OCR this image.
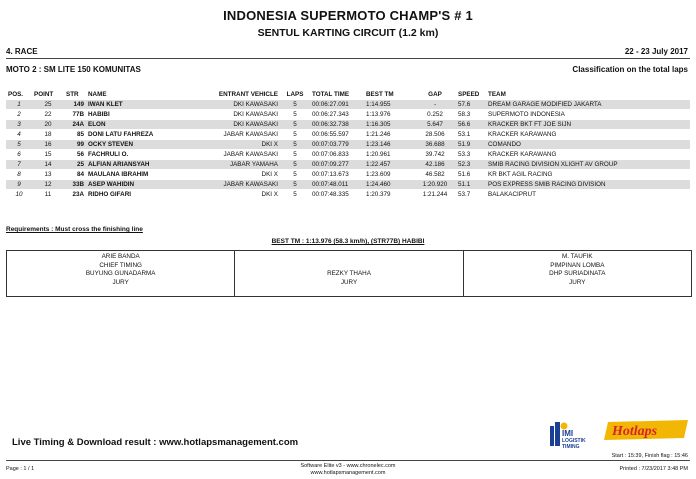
INDONESIA SUPERMOTO CHAMP'S # 1
SENTUL KARTING CIRCUIT (1.2 km)
4. RACE	22 - 23 July 2017
MOTO 2 : SM LITE 150 KOMUNITAS	Classification on the total laps
POS.	POINT	STR	NAME	ENTRANT VEHICLE	LAPS	TOTAL TIME	BEST TM	GAP	SPEED	TEAM
1	25	149	IWAN KLET	DKI KAWASAKI	5	00:06:27.091	1:14.955	-	57.6	DREAM GARAGE MODIFIED JAKARTA
2	22	77B	HABIBI	DKI KAWASAKI	5	00:06:27.343	1:13.976	0.252	58.3	SUPERMOTO INDONESIA
3	20	24A	ELON	DKI KAWASAKI	5	00:06:32.738	1:16.305	5.647	56.6	KRACKER BKT FT JOE SIJN
4	18	85	DONI LATU FAHREZA	JABAR KAWASAKI	5	00:06:55.597	1:21.246	28.506	53.1	KRACKER KARAWANG
5	16	99	OCKY STEVEN	DKI X	5	00:07:03.779	1:23.146	36.688	51.9	COMANDO
6	15	56	FACHRULI O.	JABAR KAWASAKI	5	00:07:06.833	1:20.961	39.742	53.3	KRACKER KARAWANG
7	14	25	ALFIAN ARIANSYAH	JABAR YAMAHA	5	00:07:09.277	1:22.457	42.186	52.3	SMIB RACING DIVISION XLIGHT AV GROUP
8	13	84	MAULANA IBRAHIM	DKI X	5	00:07:13.673	1:23.609	46.582	51.6	KR BKT AGIL RACING
9	12	33B	ASEP WAHIDIN	JABAR KAWASAKI	5	00:07:48.011	1:24.460	1:20.920	51.1	POS EXPRESS SMIB RACING DIVISION
10	11	23A	RIDHO GIFARI	DKI X	5	00:07:48.335	1:20.379	1:21.244	53.7	BALAKACIPRUT
Requirements : Must cross the finishing line
BEST TM : 1:13.976 (58.3 km/h), (STR77B) HABIBI
ARIE BANDA
CHIEF TIMING
BUYUNG GUNADARMA
JURY
REZKY THAHA
JURY
M. TAUFIK
PIMPINAN LOMBA
DHP SURIADINATA
JURY
Live Timing & Download result : www.hotlapsmanagement.com
IMI
LOGISTIK
TIMING
Hotlaps
Start : 15:39, Finish flag : 15:46
Page : 1 / 1	Software Elite v3 - www.chronelec.com
www.hotlapsmanagement.com
Printed : 7/23/2017 3:48 PM
